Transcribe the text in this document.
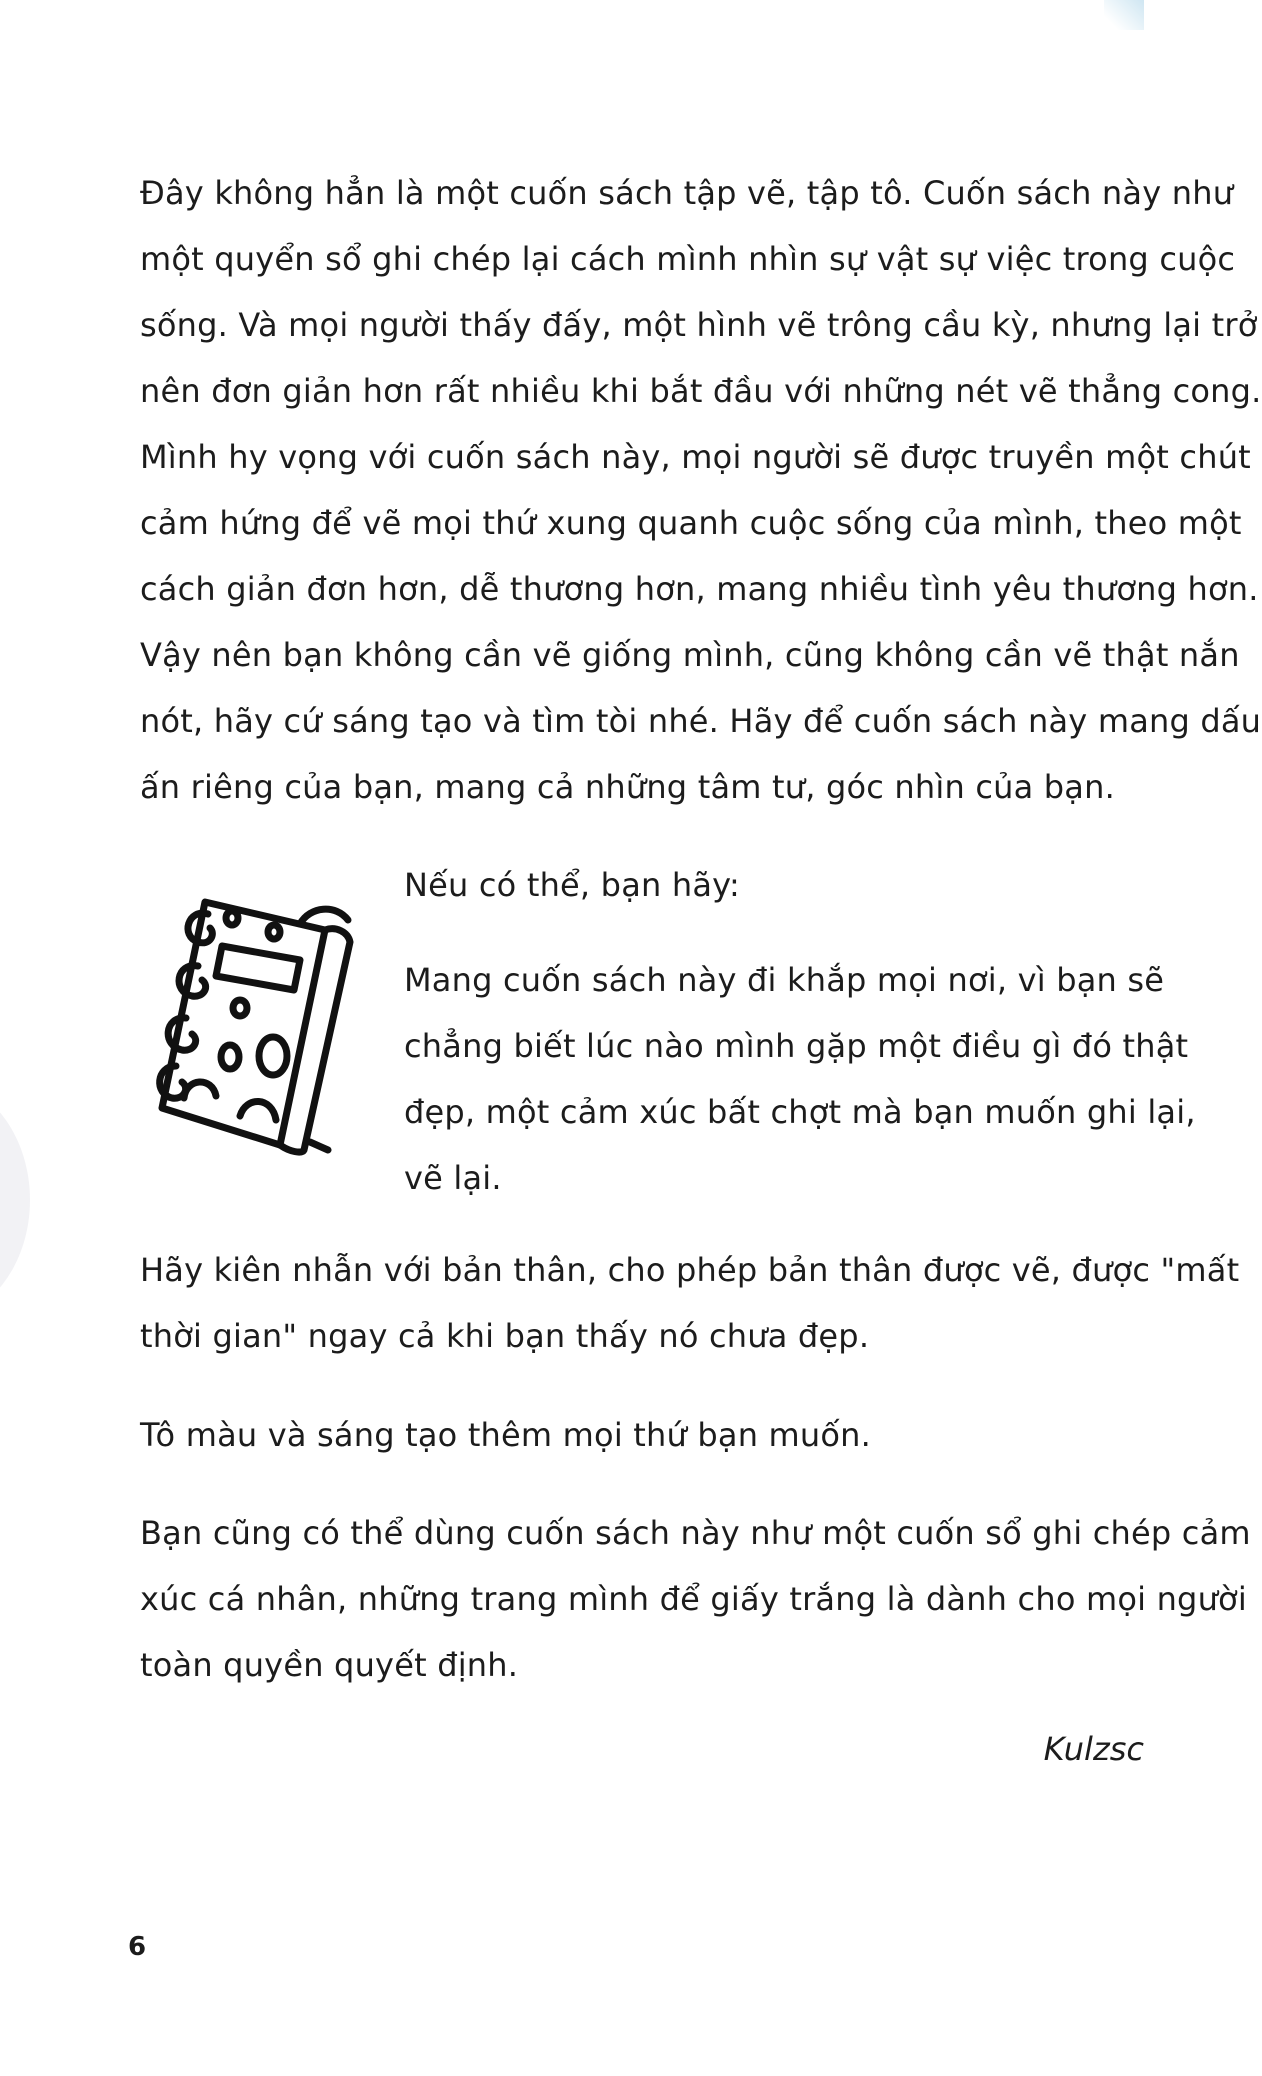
Đây không hẳn là một cuốn sách tập vẽ, tập tô. Cuốn sách này như
một quyển sổ ghi chép lại cách mình nhìn sự vật sự việc trong cuộc
sống. Và mọi người thấy đấy, một hình vẽ trông cầu kỳ, nhưng lại trở
nên đơn giản hơn rất nhiều khi bắt đầu với những nét vẽ thẳng cong.
Mình hy vọng với cuốn sách này, mọi người sẽ được truyền một chút
cảm hứng để vẽ mọi thứ xung quanh cuộc sống của mình, theo một
cách giản đơn hơn, dễ thương hơn, mang nhiều tình yêu thương hơn.
Vậy nên bạn không cần vẽ giống mình, cũng không cần vẽ thật nắn
nót, hãy cứ sáng tạo và tìm tòi nhé. Hãy để cuốn sách này mang dấu
ấn riêng của bạn, mang cả những tâm tư, góc nhìn của bạn.

Nếu có thể, bạn hãy:

Mang cuốn sách này đi khắp mọi nơi, vì bạn sẽ
chẳng biết lúc nào mình gặp một điều gì đó thật
đẹp, một cảm xúc bất chợt mà bạn muốn ghi lại,
vẽ lại.
Hãy kiên nhẫn với bản thân, cho phép bản thân được vẽ, được "mất
thời gian" ngay cả khi bạn thấy nó chưa đẹp.
Tô màu và sáng tạo thêm mọi thứ bạn muốn.
Bạn cũng có thể dùng cuốn sách này như một cuốn sổ ghi chép cảm
xúc cá nhân, những trang mình để giấy trắng là dành cho mọi người
toàn quyền quyết định.

Kulzsc

6
